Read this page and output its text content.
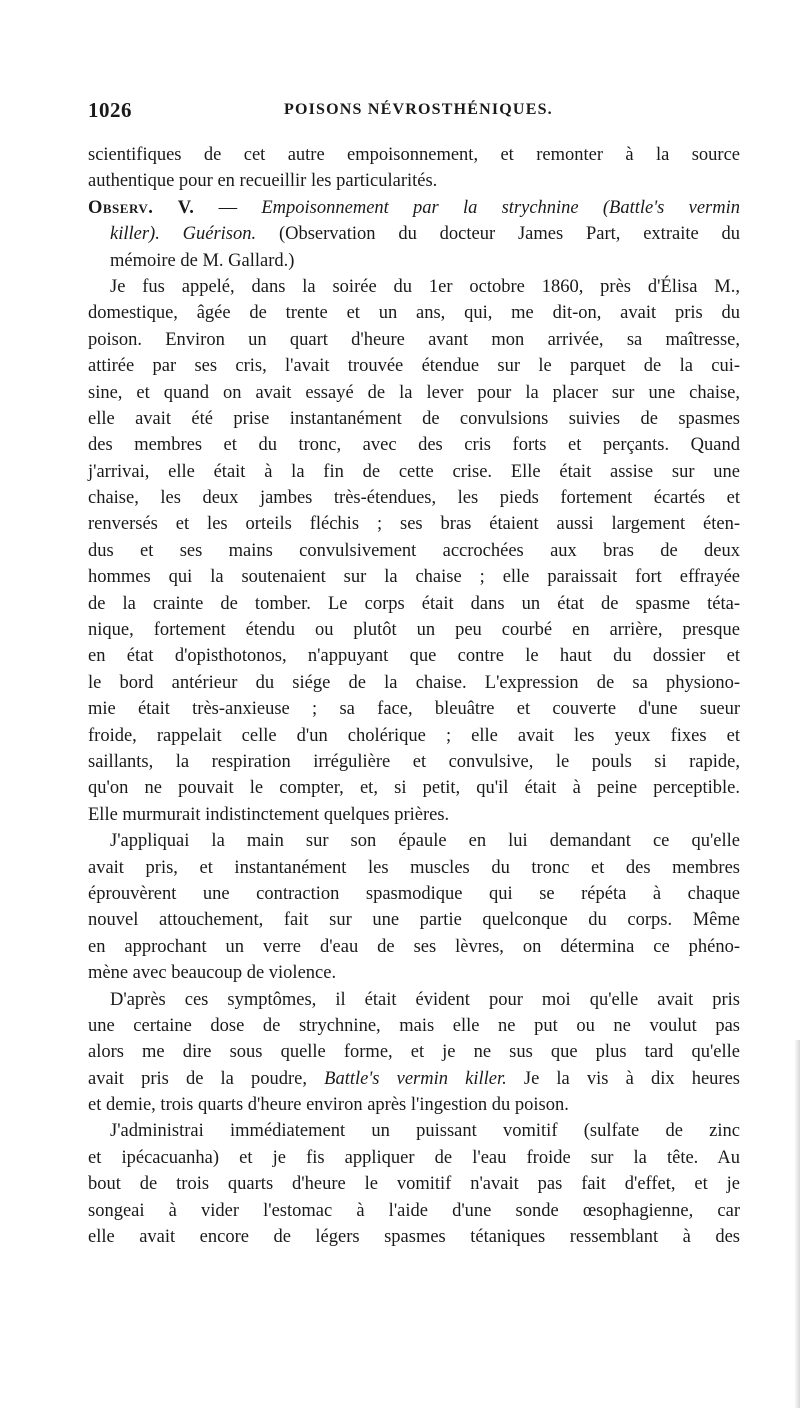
1026	POISONS NÉVROSTHÉNIQUES.
scientifiques de cet autre empoisonnement, et remonter à la source
authentique pour en recueillir les particularités.
Observ. V. — Empoisonnement par la strychnine (Battle's vermin
killer). Guérison. (Observation du docteur James Part, extraite du
mémoire de M. Gallard.)
Je fus appelé, dans la soirée du 1er octobre 1860, près d'Élisa M.,
domestique, âgée de trente et un ans, qui, me dit-on, avait pris du
poison. Environ un quart d'heure avant mon arrivée, sa maîtresse,
attirée par ses cris, l'avait trouvée étendue sur le parquet de la cui-
sine, et quand on avait essayé de la lever pour la placer sur une chaise,
elle avait été prise instantanément de convulsions suivies de spasmes
des membres et du tronc, avec des cris forts et perçants. Quand
j'arrivai, elle était à la fin de cette crise. Elle était assise sur une
chaise, les deux jambes très-étendues, les pieds fortement écartés et
renversés et les orteils fléchis ; ses bras étaient aussi largement éten-
dus et ses mains convulsivement accrochées aux bras de deux
hommes qui la soutenaient sur la chaise ; elle paraissait fort effrayée
de la crainte de tomber. Le corps était dans un état de spasme téta-
nique, fortement étendu ou plutôt un peu courbé en arrière, presque
en état d'opisthotonos, n'appuyant que contre le haut du dossier et
le bord antérieur du siége de la chaise. L'expression de sa physiono-
mie était très-anxieuse ; sa face, bleuâtre et couverte d'une sueur
froide, rappelait celle d'un cholérique ; elle avait les yeux fixes et
saillants, la respiration irrégulière et convulsive, le pouls si rapide,
qu'on ne pouvait le compter, et, si petit, qu'il était à peine perceptible.
Elle murmurait indistinctement quelques prières.
J'appliquai la main sur son épaule en lui demandant ce qu'elle
avait pris, et instantanément les muscles du tronc et des membres
éprouvèrent une contraction spasmodique qui se répéta à chaque
nouvel attouchement, fait sur une partie quelconque du corps. Même
en approchant un verre d'eau de ses lèvres, on détermina ce phéno-
mène avec beaucoup de violence.
D'après ces symptômes, il était évident pour moi qu'elle avait pris
une certaine dose de strychnine, mais elle ne put ou ne voulut pas
alors me dire sous quelle forme, et je ne sus que plus tard qu'elle
avait pris de la poudre, Battle's vermin killer. Je la vis à dix heures
et demie, trois quarts d'heure environ après l'ingestion du poison.
J'administrai immédiatement un puissant vomitif (sulfate de zinc
et ipécacuanha) et je fis appliquer de l'eau froide sur la tête. Au
bout de trois quarts d'heure le vomitif n'avait pas fait d'effet, et je
songeai à vider l'estomac à l'aide d'une sonde œsophagienne, car
elle avait encore de légers spasmes tétaniques ressemblant à des
